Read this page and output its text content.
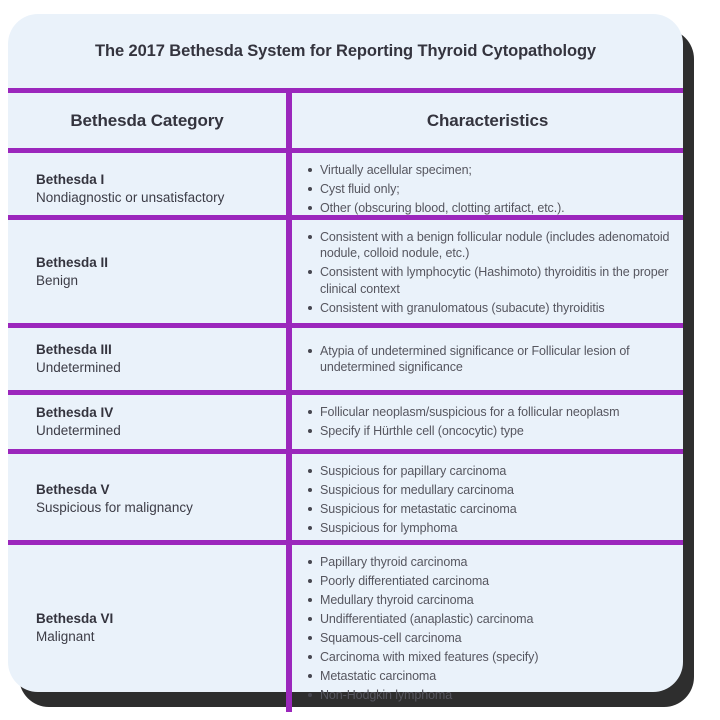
The 2017 Bethesda System for Reporting Thyroid Cytopathology
Bethesda Category	Characteristics
Bethesda I
Nondiagnostic or unsatisfactory
Virtually acellular specimen;
Cyst fluid only;
Other (obscuring blood, clotting artifact, etc.).
Bethesda II
Benign
Consistent with a benign follicular nodule (includes adenomatoid nodule, colloid nodule, etc.)
Consistent with lymphocytic (Hashimoto) thyroiditis in the proper clinical context
Consistent with granulomatous (subacute) thyroiditis
Bethesda III
Undetermined
Atypia of undetermined significance or Follicular lesion of undetermined significance
Bethesda IV
Undetermined
Follicular neoplasm/suspicious for a follicular neoplasm
Specify if Hürthle cell (oncocytic) type
Bethesda V
Suspicious for malignancy
Suspicious for papillary carcinoma
Suspicious for medullary carcinoma
Suspicious for metastatic carcinoma
Suspicious for lymphoma
Bethesda VI
Malignant
Papillary thyroid carcinoma
Poorly differentiated carcinoma
Medullary thyroid carcinoma
Undifferentiated (anaplastic) carcinoma
Squamous-cell carcinoma
Carcinoma with mixed features (specify)
Metastatic carcinoma
Non-Hodgkin lymphoma
